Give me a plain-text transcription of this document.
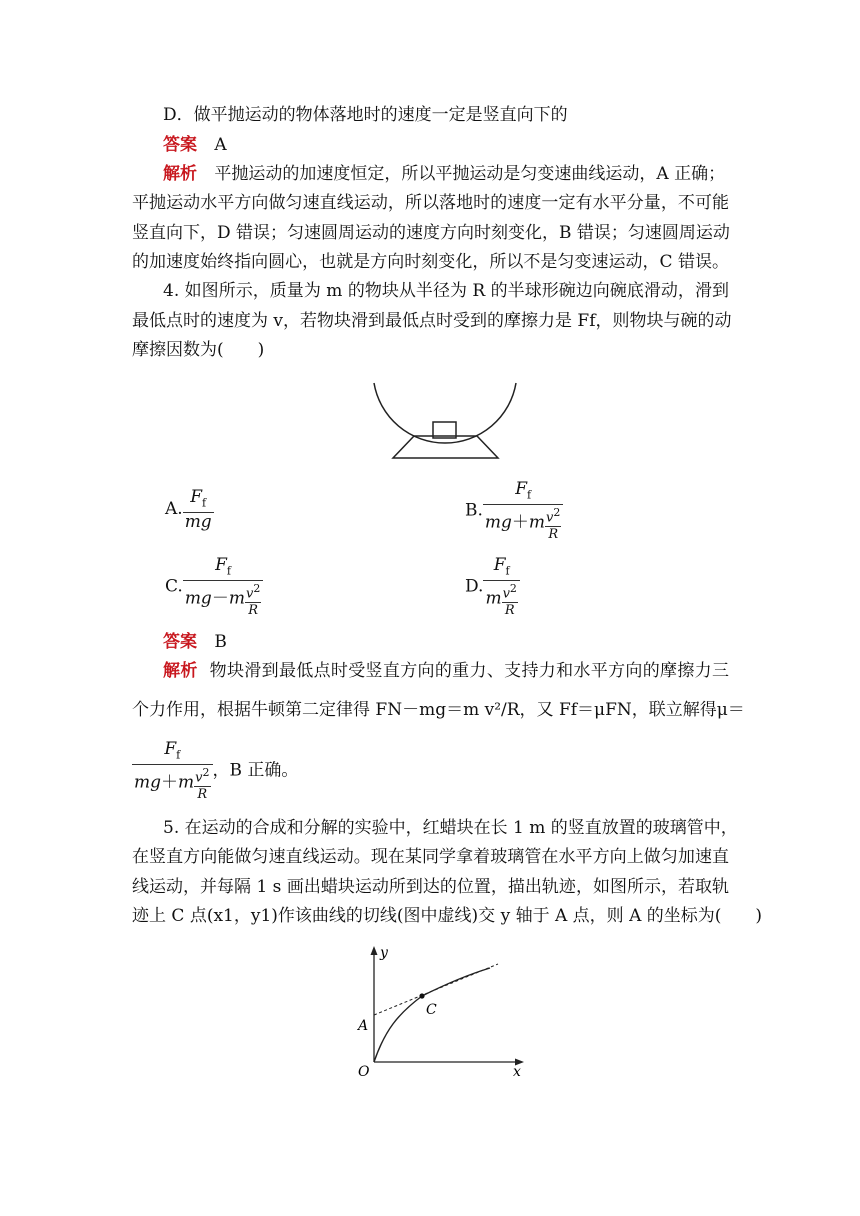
D．做平抛运动的物体落地时的速度一定是竖直向下的
答案 A
解析 平抛运动的加速度恒定，所以平抛运动是匀变速曲线运动，A 正确；
平抛运动水平方向做匀速直线运动，所以落地时的速度一定有水平分量，不可能
竖直向下，D 错误；匀速圆周运动的速度方向时刻变化，B 错误；匀速圆周运动
的加速度始终指向圆心，也就是方向时刻变化，所以不是匀变速运动，C 错误。
4. 如图所示，质量为 m 的物块从半径为 R 的半球形碗边向碗底滑动，滑到
最低点时的速度为 v，若物块滑到最低点时受到的摩擦力是 Ff，则物块与碗的动
摩擦因数为(　　)
A. $\frac{F_f}{mg}$	B. $\frac{F_f}{mg+m \frac{v^2}{R}}$
C. $\frac{F_f}{mg-m \frac{v^2}{R}}$	D. $\frac{F_f}{m \frac{v^2}{R}}$
答案 B
解析 物块滑到最低点时受竖直方向的重力、支持力和水平方向的摩擦力三
个力作用，根据牛顿第二定律得 FN－mg＝m v²/R，又 Ff＝μFN，联立解得μ＝
$\frac{F_f}{mg+m \frac{v^2}{R}}$ ，B 正确。
5. 在运动的合成和分解的实验中，红蜡块在长 1 m 的竖直放置的玻璃管中，
在竖直方向能做匀速直线运动。现在某同学拿着玻璃管在水平方向上做匀加速直
线运动，并每隔 1 s 画出蜡块运动所到达的位置，描出轨迹，如图所示，若取轨
迹上 C 点(x1，y1)作该曲线的切线(图中虚线)交 y 轴于 A 点，则 A 的坐标为(　　)
y
x
O
A
C
